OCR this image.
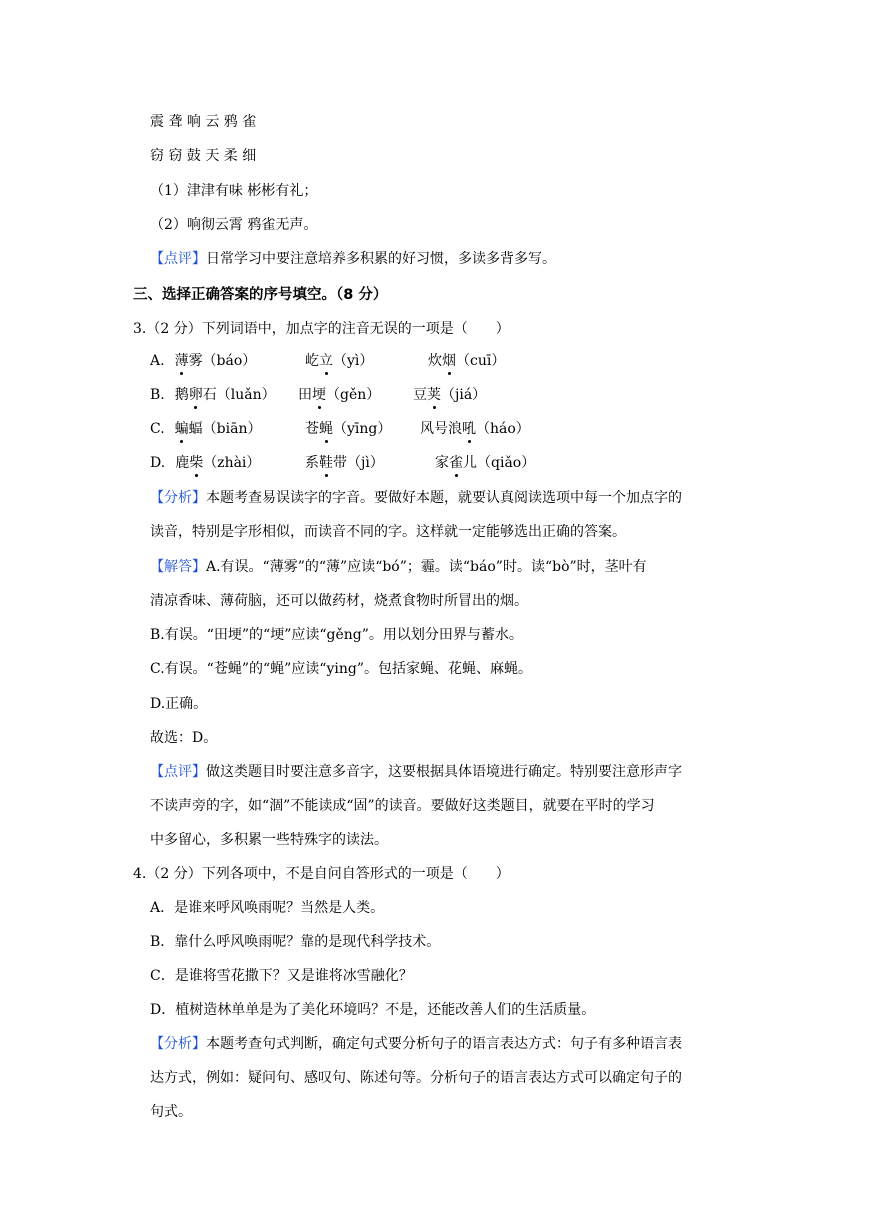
震 聋 响 云 鸦 雀
窃 窃 鼓 天 柔 细
（1）津津有味 彬彬有礼；
（2）响彻云霄 鸦雀无声。
【点评】日常学习中要注意培养多积累的好习惯，多读多背多写。
三、选择正确答案的序号填空。（8 分）
3.（2 分）下列词语中，加点字的注音无误的一项是（　　）
A. 薄雾（báo）	屹立（yì）	炊烟（cuī）
B. 鹅卵石（luǎn） 田埂（gěn） 豆荚（jiá）
C. 蝙蝠（biān）	苍蝇（yīng） 风号浪吼（háo）
D. 鹿柴（zhài）	系鞋带（jì）	家雀儿（qiǎo）
【分析】本题考查易误读字的字音。要做好本题，就要认真阅读选项中每一个加点字的
读音，特别是字形相似，而读音不同的字。这样就一定能够选出正确的答案。
【解答】A.有误。“薄雾”的“薄”应读“bó”；霾。读“báo”时。读“bò”时，茎叶有
清凉香味、薄荷脑，还可以做药材，烧煮食物时所冒出的烟。
B.有误。“田埂”的“埂”应读“gěng”。用以划分田界与蓄水。
C.有误。“苍蝇”的“蝇”应读“ying”。包括家蝇、花蝇、麻蝇。
D.正确。
故选：D。
【点评】做这类题目时要注意多音字，这要根据具体语境进行确定。特别要注意形声字
不读声旁的字，如“涸”不能读成“固”的读音。要做好这类题目，就要在平时的学习
中多留心，多积累一些特殊字的读法。
4.（2 分）下列各项中，不是自问自答形式的一项是（　　）
A．是谁来呼风唤雨呢？当然是人类。
B．靠什么呼风唤雨呢？靠的是现代科学技术。
C．是谁将雪花撒下？又是谁将冰雪融化？
D．植树造林单单是为了美化环境吗？不是，还能改善人们的生活质量。
【分析】本题考查句式判断，确定句式要分析句子的语言表达方式：句子有多种语言表
达方式，例如：疑问句、感叹句、陈述句等。分析句子的语言表达方式可以确定句子的
句式。
